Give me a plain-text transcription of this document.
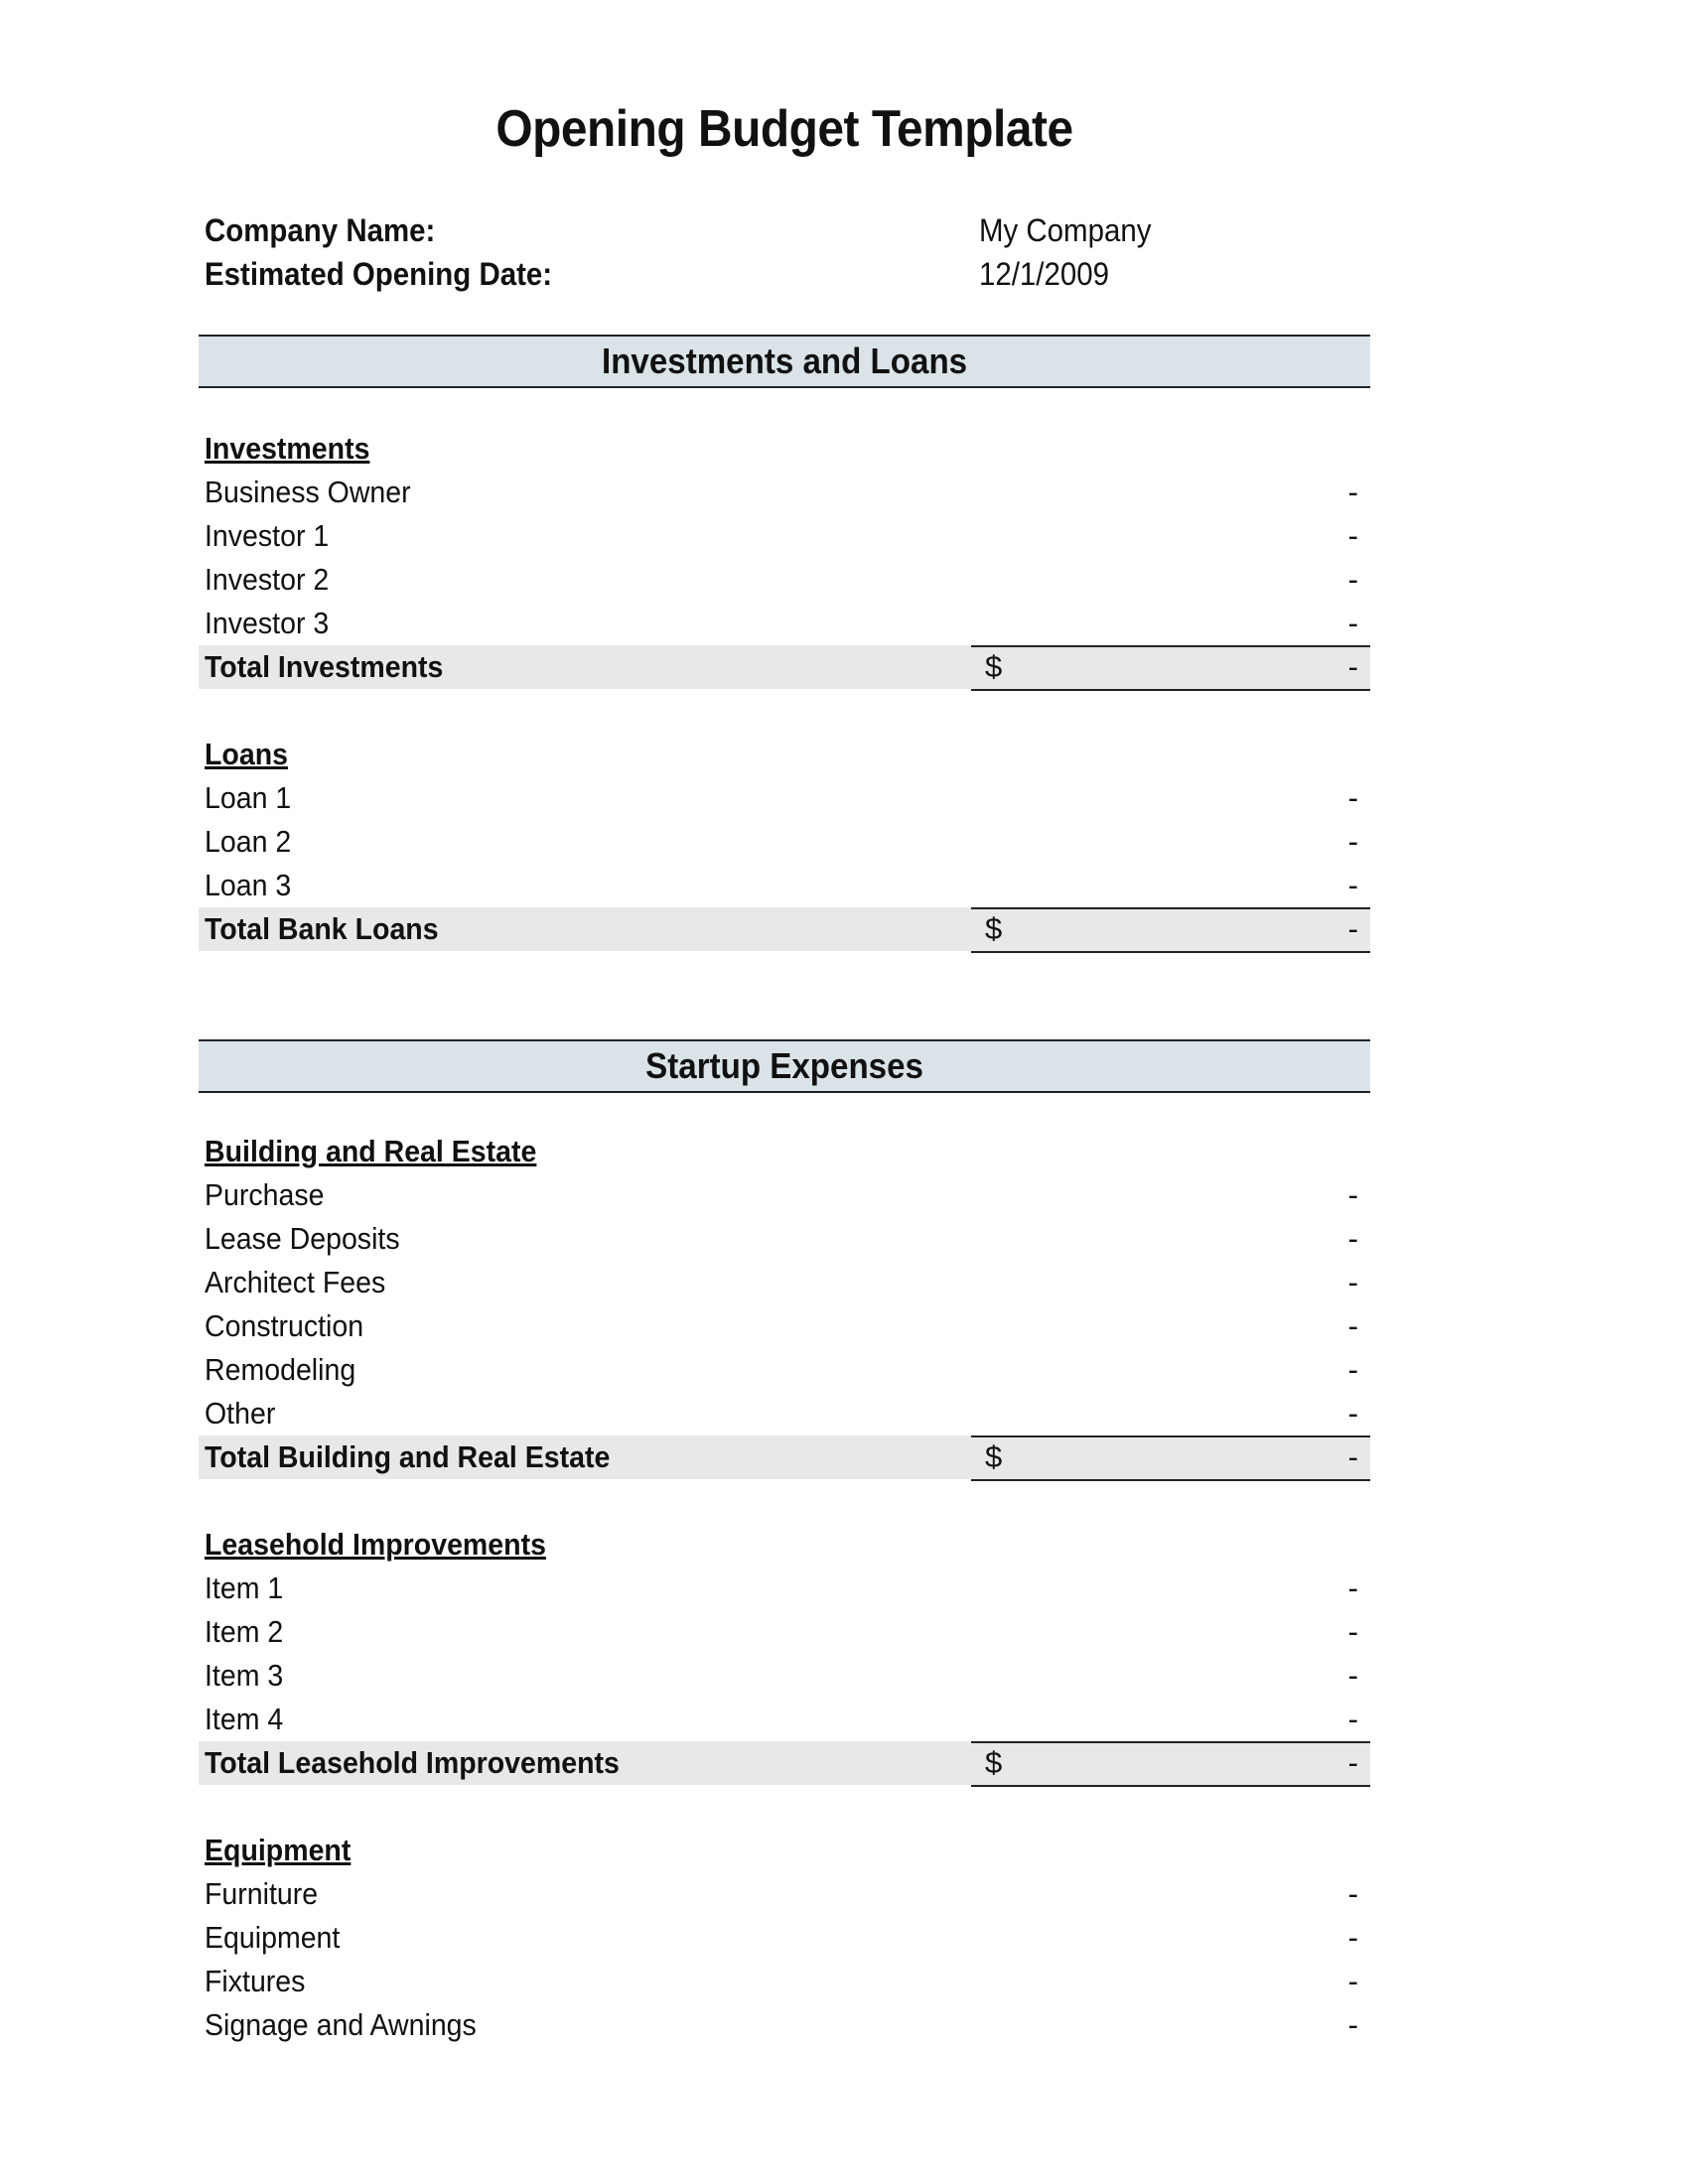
Opening Budget Template
Company Name:	My Company
Estimated Opening Date:	12/1/2009
Investments and Loans
Investments
Business Owner	-
Investor 1	-
Investor 2	-
Investor 3	-
Total Investments	$	-
Loans
Loan 1	-
Loan 2	-
Loan 3	-
Total Bank Loans	$	-
Startup Expenses
Building and Real Estate
Purchase	-
Lease Deposits	-
Architect Fees	-
Construction	-
Remodeling	-
Other	-
Total Building and Real Estate	$	-
Leasehold Improvements
Item 1	-
Item 2	-
Item 3	-
Item 4	-
Total Leasehold Improvements	$	-
Equipment
Furniture	-
Equipment	-
Fixtures	-
Signage and Awnings	-
